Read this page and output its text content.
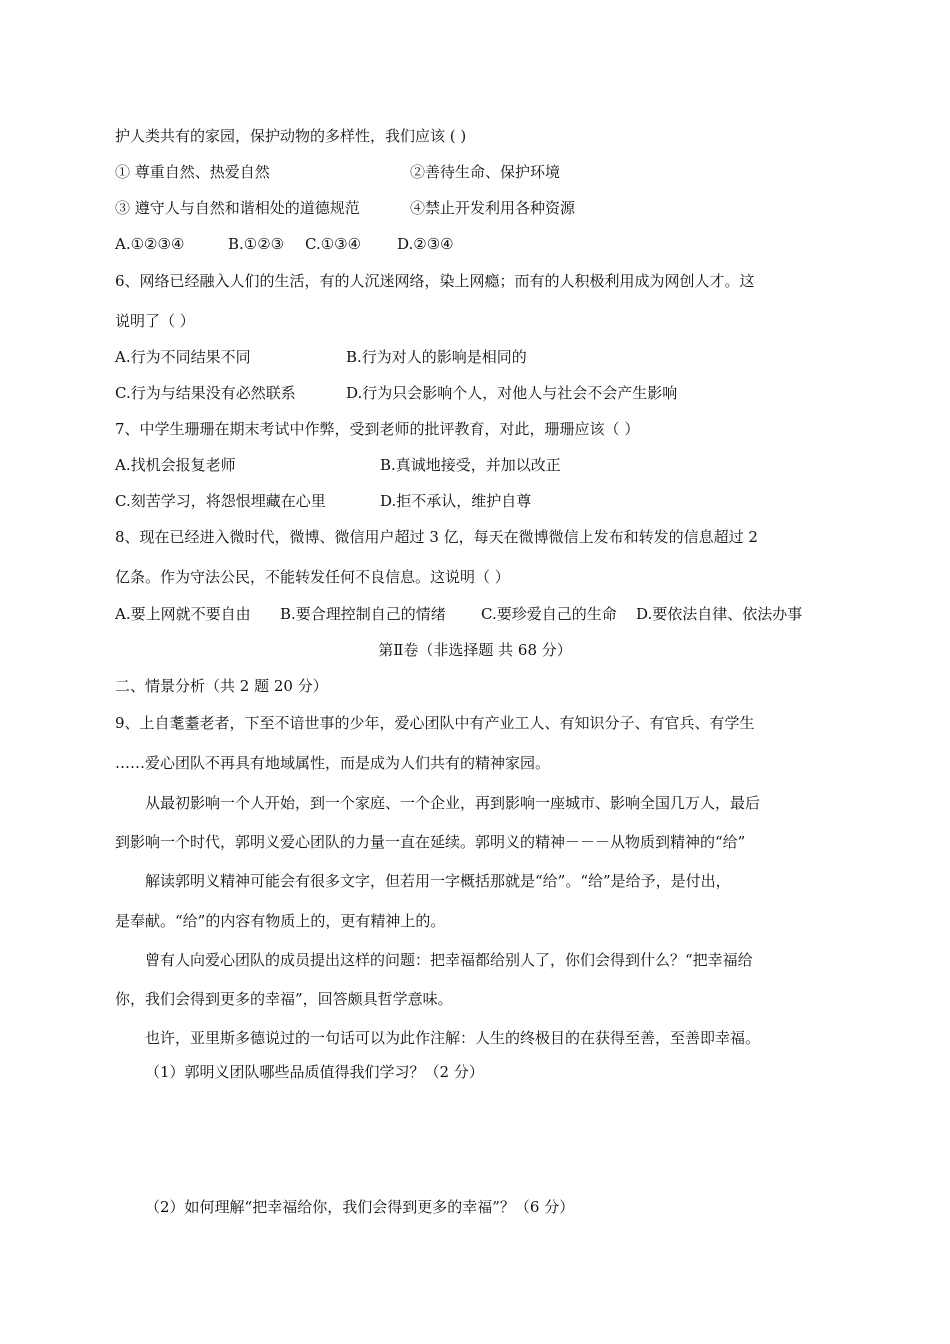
护人类共有的家园，保护动物的多样性，我们应该 ( )
① 尊重自然、热爱自然	②善待生命、保护环境
③ 遵守人与自然和谐相处的道德规范	④禁止开发利用各种资源
A.①②③④	B.①②③ C.①③④ D.②③④
6、网络已经融入人们的生活，有的人沉迷网络，染上网瘾；而有的人积极利用成为网创人才。这
说明了（ ）
A.行为不同结果不同	B.行为对人的影响是相同的
C.行为与结果没有必然联系	D.行为只会影响个人，对他人与社会不会产生影响
7、中学生珊珊在期末考试中作弊，受到老师的批评教育，对此，珊珊应该（ ）
A.找机会报复老师	B.真诚地接受，并加以改正
C.刻苦学习，将怨恨埋藏在心里	D.拒不承认，维护自尊
8、现在已经进入微时代，微博、微信用户超过 3 亿，每天在微博微信上发布和转发的信息超过 2
亿条。作为守法公民，不能转发任何不良信息。这说明（ ）
A.要上网就不要自由 B.要合理控制自己的情绪 C.要珍爱自己的生命 D.要依法自律、依法办事
第Ⅱ卷（非选择题 共 68 分）
二、情景分析（共 2 题 20 分）
9、上自耄耋老者，下至不谙世事的少年，爱心团队中有产业工人、有知识分子、有官兵、有学生
……爱心团队不再具有地域属性，而是成为人们共有的精神家园。
从最初影响一个人开始，到一个家庭、一个企业，再到影响一座城市、影响全国几万人，最后
到影响一个时代，郭明义爱心团队的力量一直在延续。郭明义的精神－－－从物质到精神的“给”
解读郭明义精神可能会有很多文字，但若用一字概括那就是“给”。“给”是给予，是付出，
是奉献。“给”的内容有物质上的，更有精神上的。
曾有人向爱心团队的成员提出这样的问题：把幸福都给别人了，你们会得到什么？“把幸福给
你，我们会得到更多的幸福”，回答颇具哲学意味。
也许，亚里斯多德说过的一句话可以为此作注解：人生的终极目的在获得至善，至善即幸福。
（1）郭明义团队哪些品质值得我们学习？（2 分）
（2）如何理解“把幸福给你，我们会得到更多的幸福”？（6 分）
